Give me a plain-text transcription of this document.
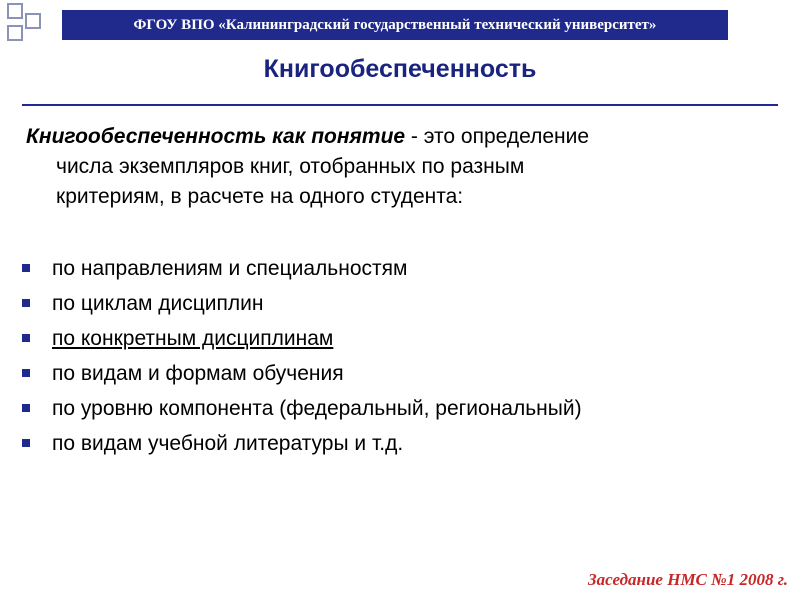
ФГОУ ВПО «Калининградский государственный технический университет»
Книгообеспеченность
Книгообеспеченность как понятие - это определение
числа экземпляров книг, отобранных по разным
критериям, в расчете на одного студента:
по направлениям и специальностям
по циклам дисциплин
по конкретным дисциплинам
по видам и формам обучения
по уровню компонента (федеральный, региональный)
по видам учебной литературы и т.д.
Заседание НМС №1 2008 г.
